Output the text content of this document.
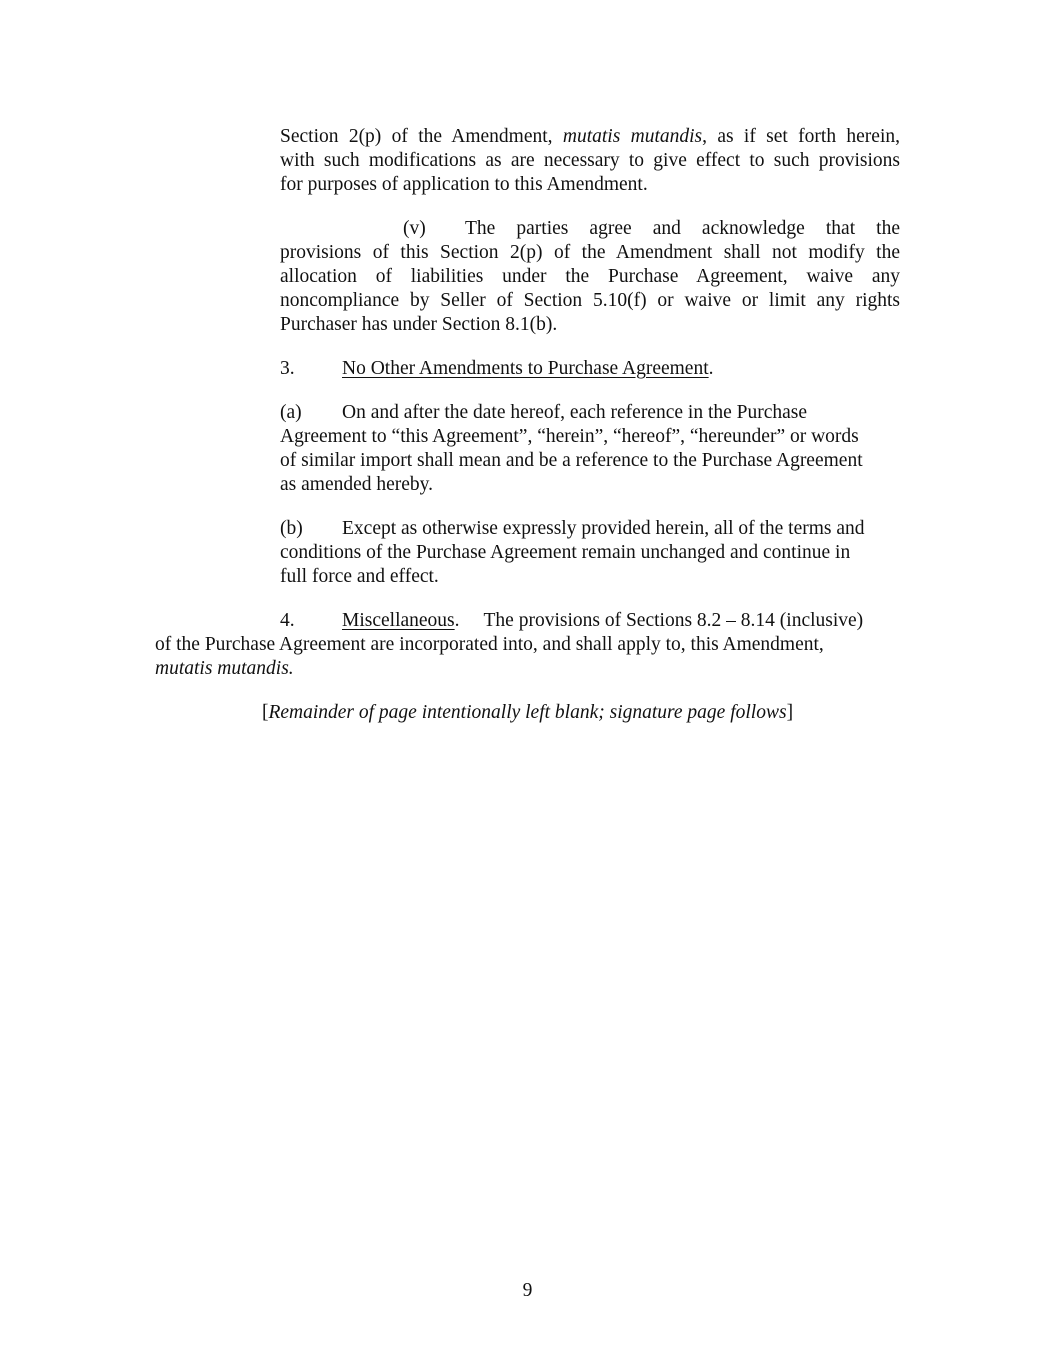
Section 2(p) of the Amendment, mutatis mutandis, as if set forth herein,
with such modifications as are necessary to give effect to such provisions
for purposes of application to this Amendment.
(v) The parties agree and acknowledge that the
provisions of this Section 2(p) of the Amendment shall not modify the
allocation of liabilities under the Purchase Agreement, waive any
noncompliance by Seller of Section 5.10(f) or waive or limit any rights
Purchaser has under Section 8.1(b).
3. No Other Amendments to Purchase Agreement.
(a) On and after the date hereof, each reference in the Purchase
Agreement to “this Agreement”, “herein”, “hereof”, “hereunder” or words
of similar import shall mean and be a reference to the Purchase Agreement
as amended hereby.
(b) Except as otherwise expressly provided herein, all of the terms and
conditions of the Purchase Agreement remain unchanged and continue in
full force and effect.
4. Miscellaneous. The provisions of Sections 8.2 – 8.14 (inclusive)
of the Purchase Agreement are incorporated into, and shall apply to, this Amendment,
mutatis mutandis.
[Remainder of page intentionally left blank; signature page follows]

9
